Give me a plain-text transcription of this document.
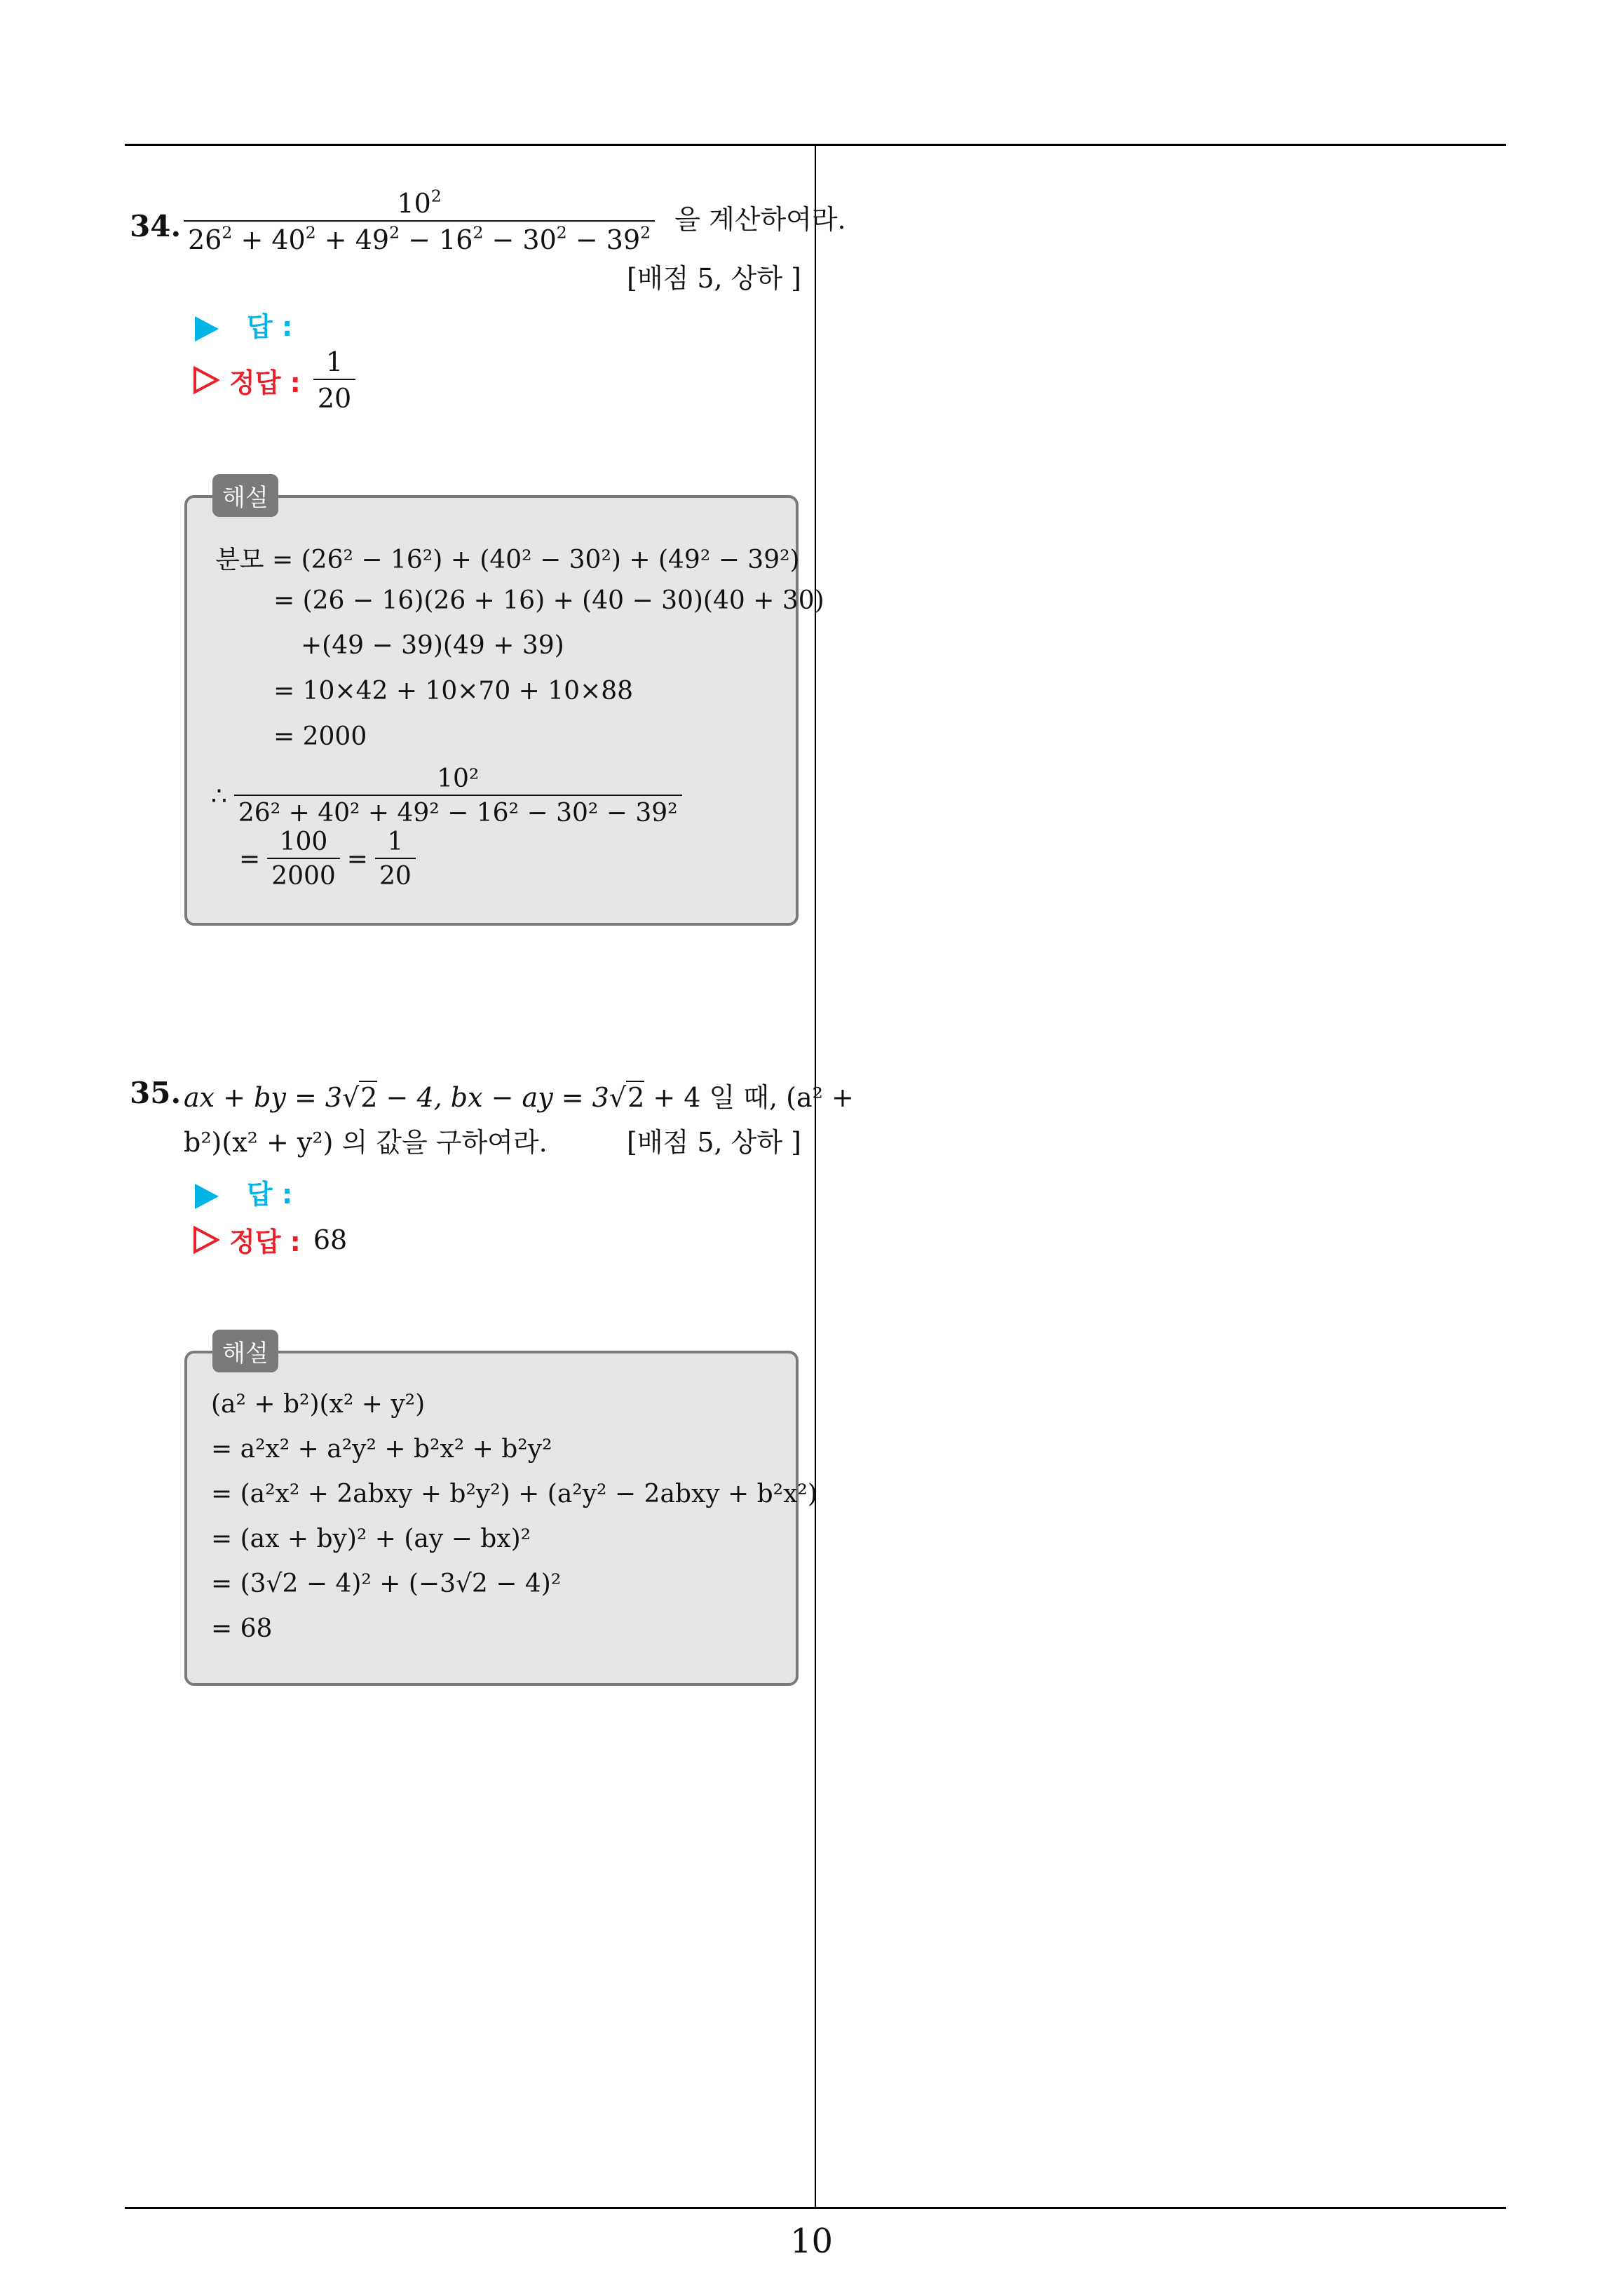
10
34.
$10^2$
$26^2 + 40^2 + 49^2 - 16^2 - 30^2 - 39^2$ 을 계산하여라.
[배점 5, 상하 ]
답 :
정답 : $\frac{1}{20}$
분모 = (26² − 16²) + (40² − 30²) + (49² − 39²)
= (26 − 16)(26 + 16) + (40 − 30)(40 + 30)
+(49 − 39)(49 + 39)
= 10×42 + 10×70 + 10×88
= 2000
∴ $\frac{\text{10²}}{\text{26² + 40² + 49² − 16² − 30² − 39²}}$
= $\frac{100}{2000} = \frac{1}{20}$
해설
35. ax + by = 3√2 − 4, bx − ay = 3√2 + 4 일 때, (a² +
b²)(x² + y²) 의 값을 구하여라.	[배점 5, 상하 ]
답 :
정답 : 68
(a² + b²)(x² + y²)
= a²x² + a²y² + b²x² + b²y²
= (a²x² + 2abxy + b²y²) + (a²y² − 2abxy + b²x²)
= (ax + by)² + (ay − bx)²
= (3√2 − 4)² + (−3√2 − 4)²
= 68
해설
